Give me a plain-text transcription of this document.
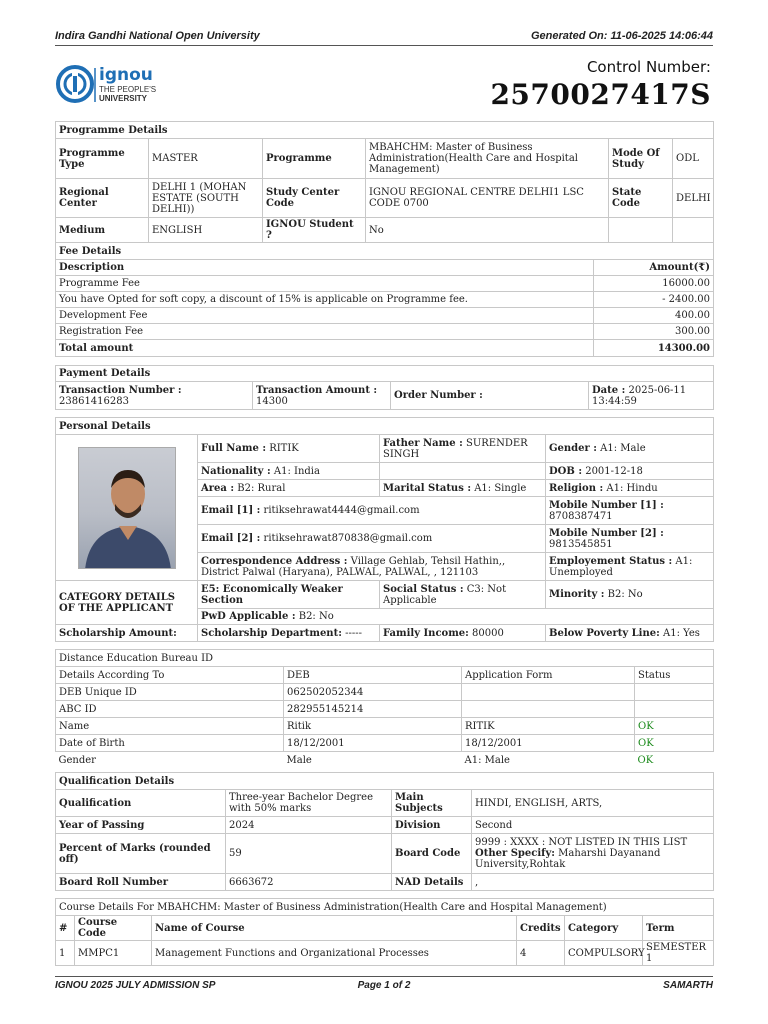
Indira Gandhi National Open University	Generated On: 11-06-2025 14:06:44
ignou
THE PEOPLE'S
UNIVERSITY
Control Number:
2570027417S
Programme Details					
Programme Type	MASTER	Programme	MBAHCHM: Master of Business Administration(Health Care and Hospital Management)	Mode Of Study	ODL
Regional Center	DELHI 1 (MOHAN ESTATE (SOUTH DELHI))	Study Center Code	IGNOU REGIONAL CENTRE DELHI1 LSC CODE 0700	State Code	DELHI
Medium	ENGLISH	IGNOU Student ?	No		
Fee Details	
Description	Amount(₹)
Programme Fee	16000.00
You have Opted for soft copy, a discount of 15% is applicable on Programme fee.	- 2400.00
Development Fee	400.00
Registration Fee	300.00
Total amount	14300.00
Payment Details
Transaction Number : 23861416283	Transaction Amount : 14300	Order Number :	Date : 2025-06-11 13:44:59
Personal Details			

	Full Name : RITIK	Father Name : SURENDER SINGH	Gender : A1: Male
	Nationality : A1: India		DOB : 2001-12-18
	Area : B2: Rural	Marital Status : A1: Single	Religion : A1: Hindu
	Email [1] : ritiksehrawat4444@gmail.com		Mobile Number [1] : 8708387471
	Email [2] : ritiksehrawat870838@gmail.com		Mobile Number [2] : 9813545851
	Correspondence Address : Village Gehlab, Tehsil Hathin,, District Palwal (Haryana), PALWAL, PALWAL, , 121103		Employement Status : A1: Unemployed
CATEGORY DETAILS OF THE APPLICANT	E5: Economically Weaker Section	Social Status : C3: Not Applicable	Minority : B2: No
	PwD Applicable : B2: No		
Scholarship Amount:	Scholarship Department: -----	Family Income: 80000	Below Poverty Line: A1: Yes
Distance Education Bureau ID			
Details According To	DEB	Application Form	Status
DEB Unique ID	062502052344		
ABC ID	282955145214		
Name	Ritik	RITIK	OK
Date of Birth	18/12/2001	18/12/2001	OK
Gender	Male	A1: Male	OK
Qualification Details			
Qualification	Three-year Bachelor Degree with 50% marks	Main Subjects	HINDI, ENGLISH, ARTS,
Year of Passing	2024	Division	Second
Percent of Marks (rounded off)	59	Board Code	9999 : XXXX : NOT LISTED IN THIS LIST
Other Specify: Maharshi Dayanand University,Rohtak
Board Roll Number	6663672	NAD Details	,
Course Details For MBAHCHM: Master of Business Administration(Health Care and Hospital Management)					
#	Course Code	Name of Course	Credits	Category	Term
1	MMPC1	Management Functions and Organizational Processes	4	COMPULSORY	SEMESTER 1
IGNOU 2025 JULY ADMISSION SP	Page 1 of 2	SAMARTH
